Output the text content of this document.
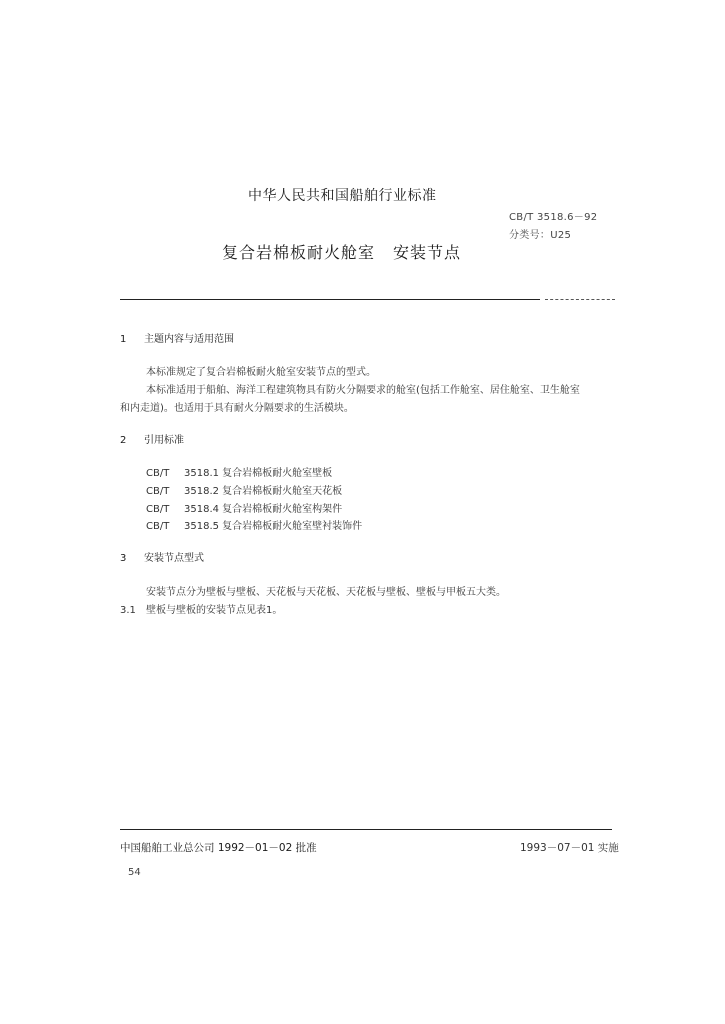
中华人民共和国船舶行业标准
CB/T 3518.6－92
分类号：U25
复合岩棉板耐火舱室 安装节点
1 主题内容与适用范围
本标准规定了复合岩棉板耐火舱室安装节点的型式。
本标准适用于船舶、海洋工程建筑物具有防火分隔要求的舱室(包括工作舱室、居住舱室、卫生舱室
和内走道)。也适用于具有耐火分隔要求的生活模块。
2 引用标准
CB/T 3518.1 复合岩棉板耐火舱室壁板
CB/T 3518.2 复合岩棉板耐火舱室天花板
CB/T 3518.4 复合岩棉板耐火舱室构架件
CB/T 3518.5 复合岩棉板耐火舱室壁衬装饰件
3 安装节点型式
安装节点分为壁板与壁板、天花板与天花板、天花板与壁板、壁板与甲板五大类。
3.1 壁板与壁板的安装节点见表1。
中国船舶工业总公司 1992－01－02 批准	1993－07－01 实施
54
